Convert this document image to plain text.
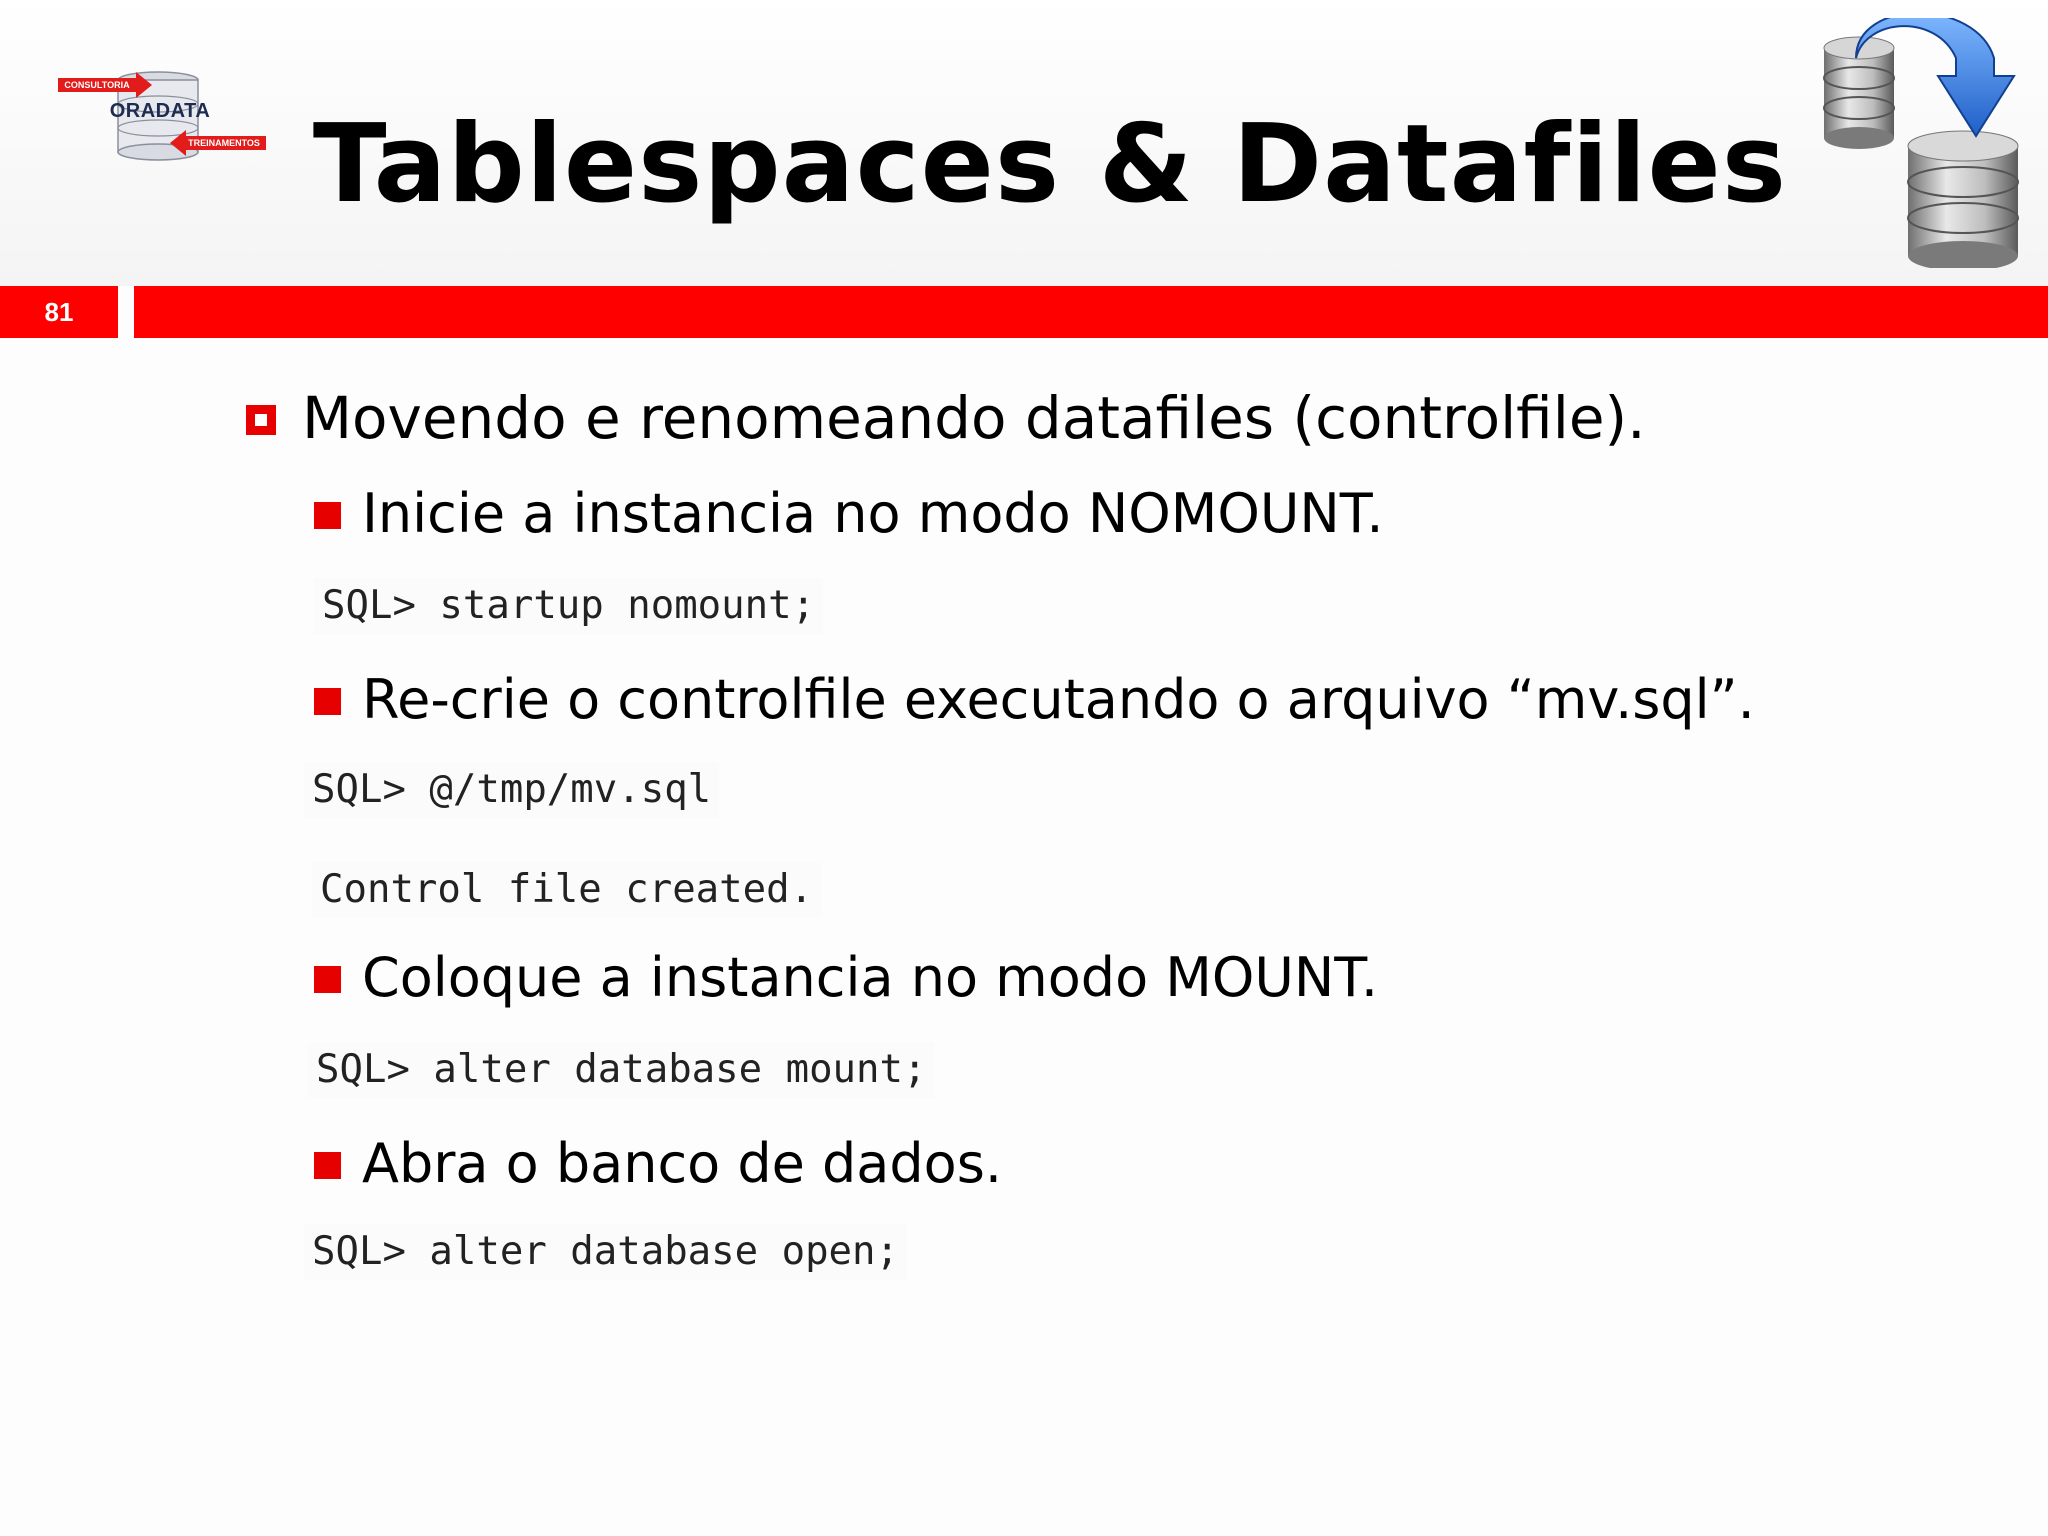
CONSULTORIA
ORADATA
TREINAMENTOS Tablespaces & Datafiles
81
Movendo e renomeando datafiles (controlfile).
Inicie a instancia no modo NOMOUNT.
SQL> startup nomount;
Re-crie o controlfile executando o arquivo “mv.sql”.
SQL> @/tmp/mv.sql
Control file created.
Coloque a instancia no modo MOUNT.
SQL> alter database mount;
Abra o banco de dados.
SQL> alter database open;
